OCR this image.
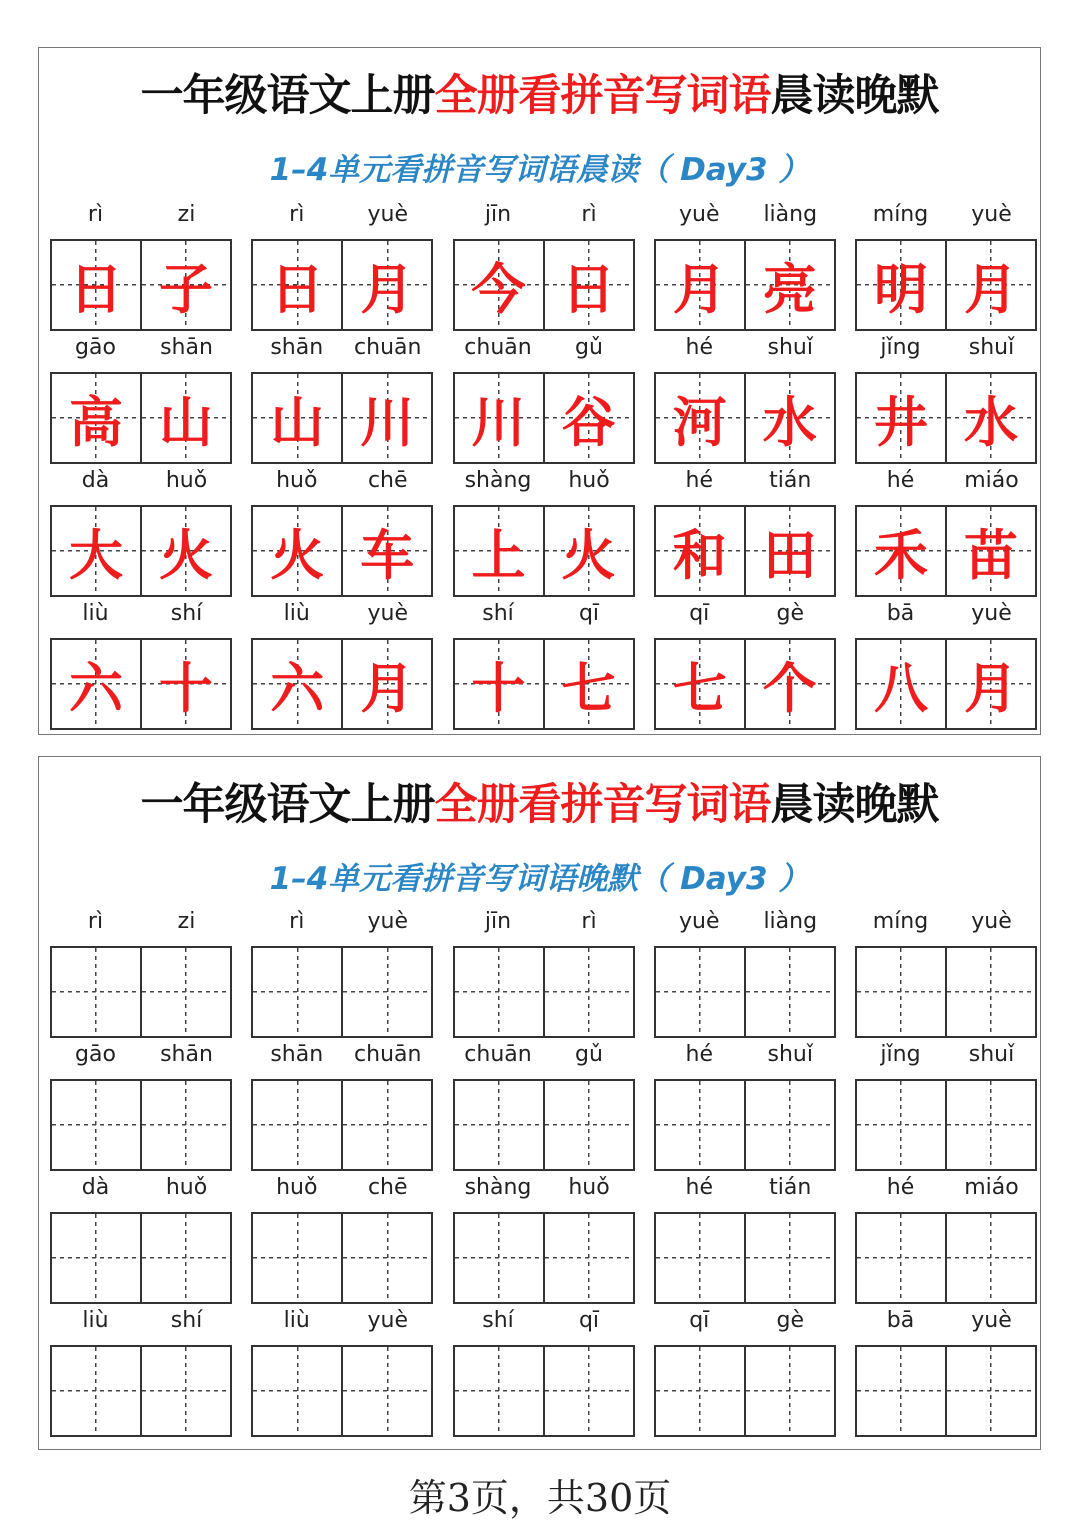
一年级语文上册全册看拼音写词语晨读晚默
1–4单元看拼音写词语晨读（ Day3 ）
rì	zi
日 子
rì	yuè
日 月
jīn	rì
今 日
yuè	liàng
月 亮
míng	yuè
明 月
gāo	shān
高 山
shān	chuān
山 川
chuān	gǔ
川 谷
hé	shuǐ
河 水
jǐng	shuǐ
井 水
dà	huǒ
大 火
huǒ	chē
火 车
shàng	huǒ
上 火
hé	tián
和 田
hé	miáo
禾 苗
liù	shí
六 十
liù	yuè
六 月
shí	qī
十 七
qī	gè
七 个
bā	yuè
八 月
一年级语文上册全册看拼音写词语晨读晚默
1–4单元看拼音写词语晚默（ Day3 ）
rì	zi	rì	yuè	jīn	rì	yuè	liàng	míng	yuè
gāo	shān	shān	chuān	chuān	gǔ	hé	shuǐ	jǐng	shuǐ
dà	huǒ	huǒ	chē	shàng	huǒ	hé	tián	hé	miáo
liù	shí	liù	yuè	shí	qī	qī	gè	bā	yuè
第3页，共30页
